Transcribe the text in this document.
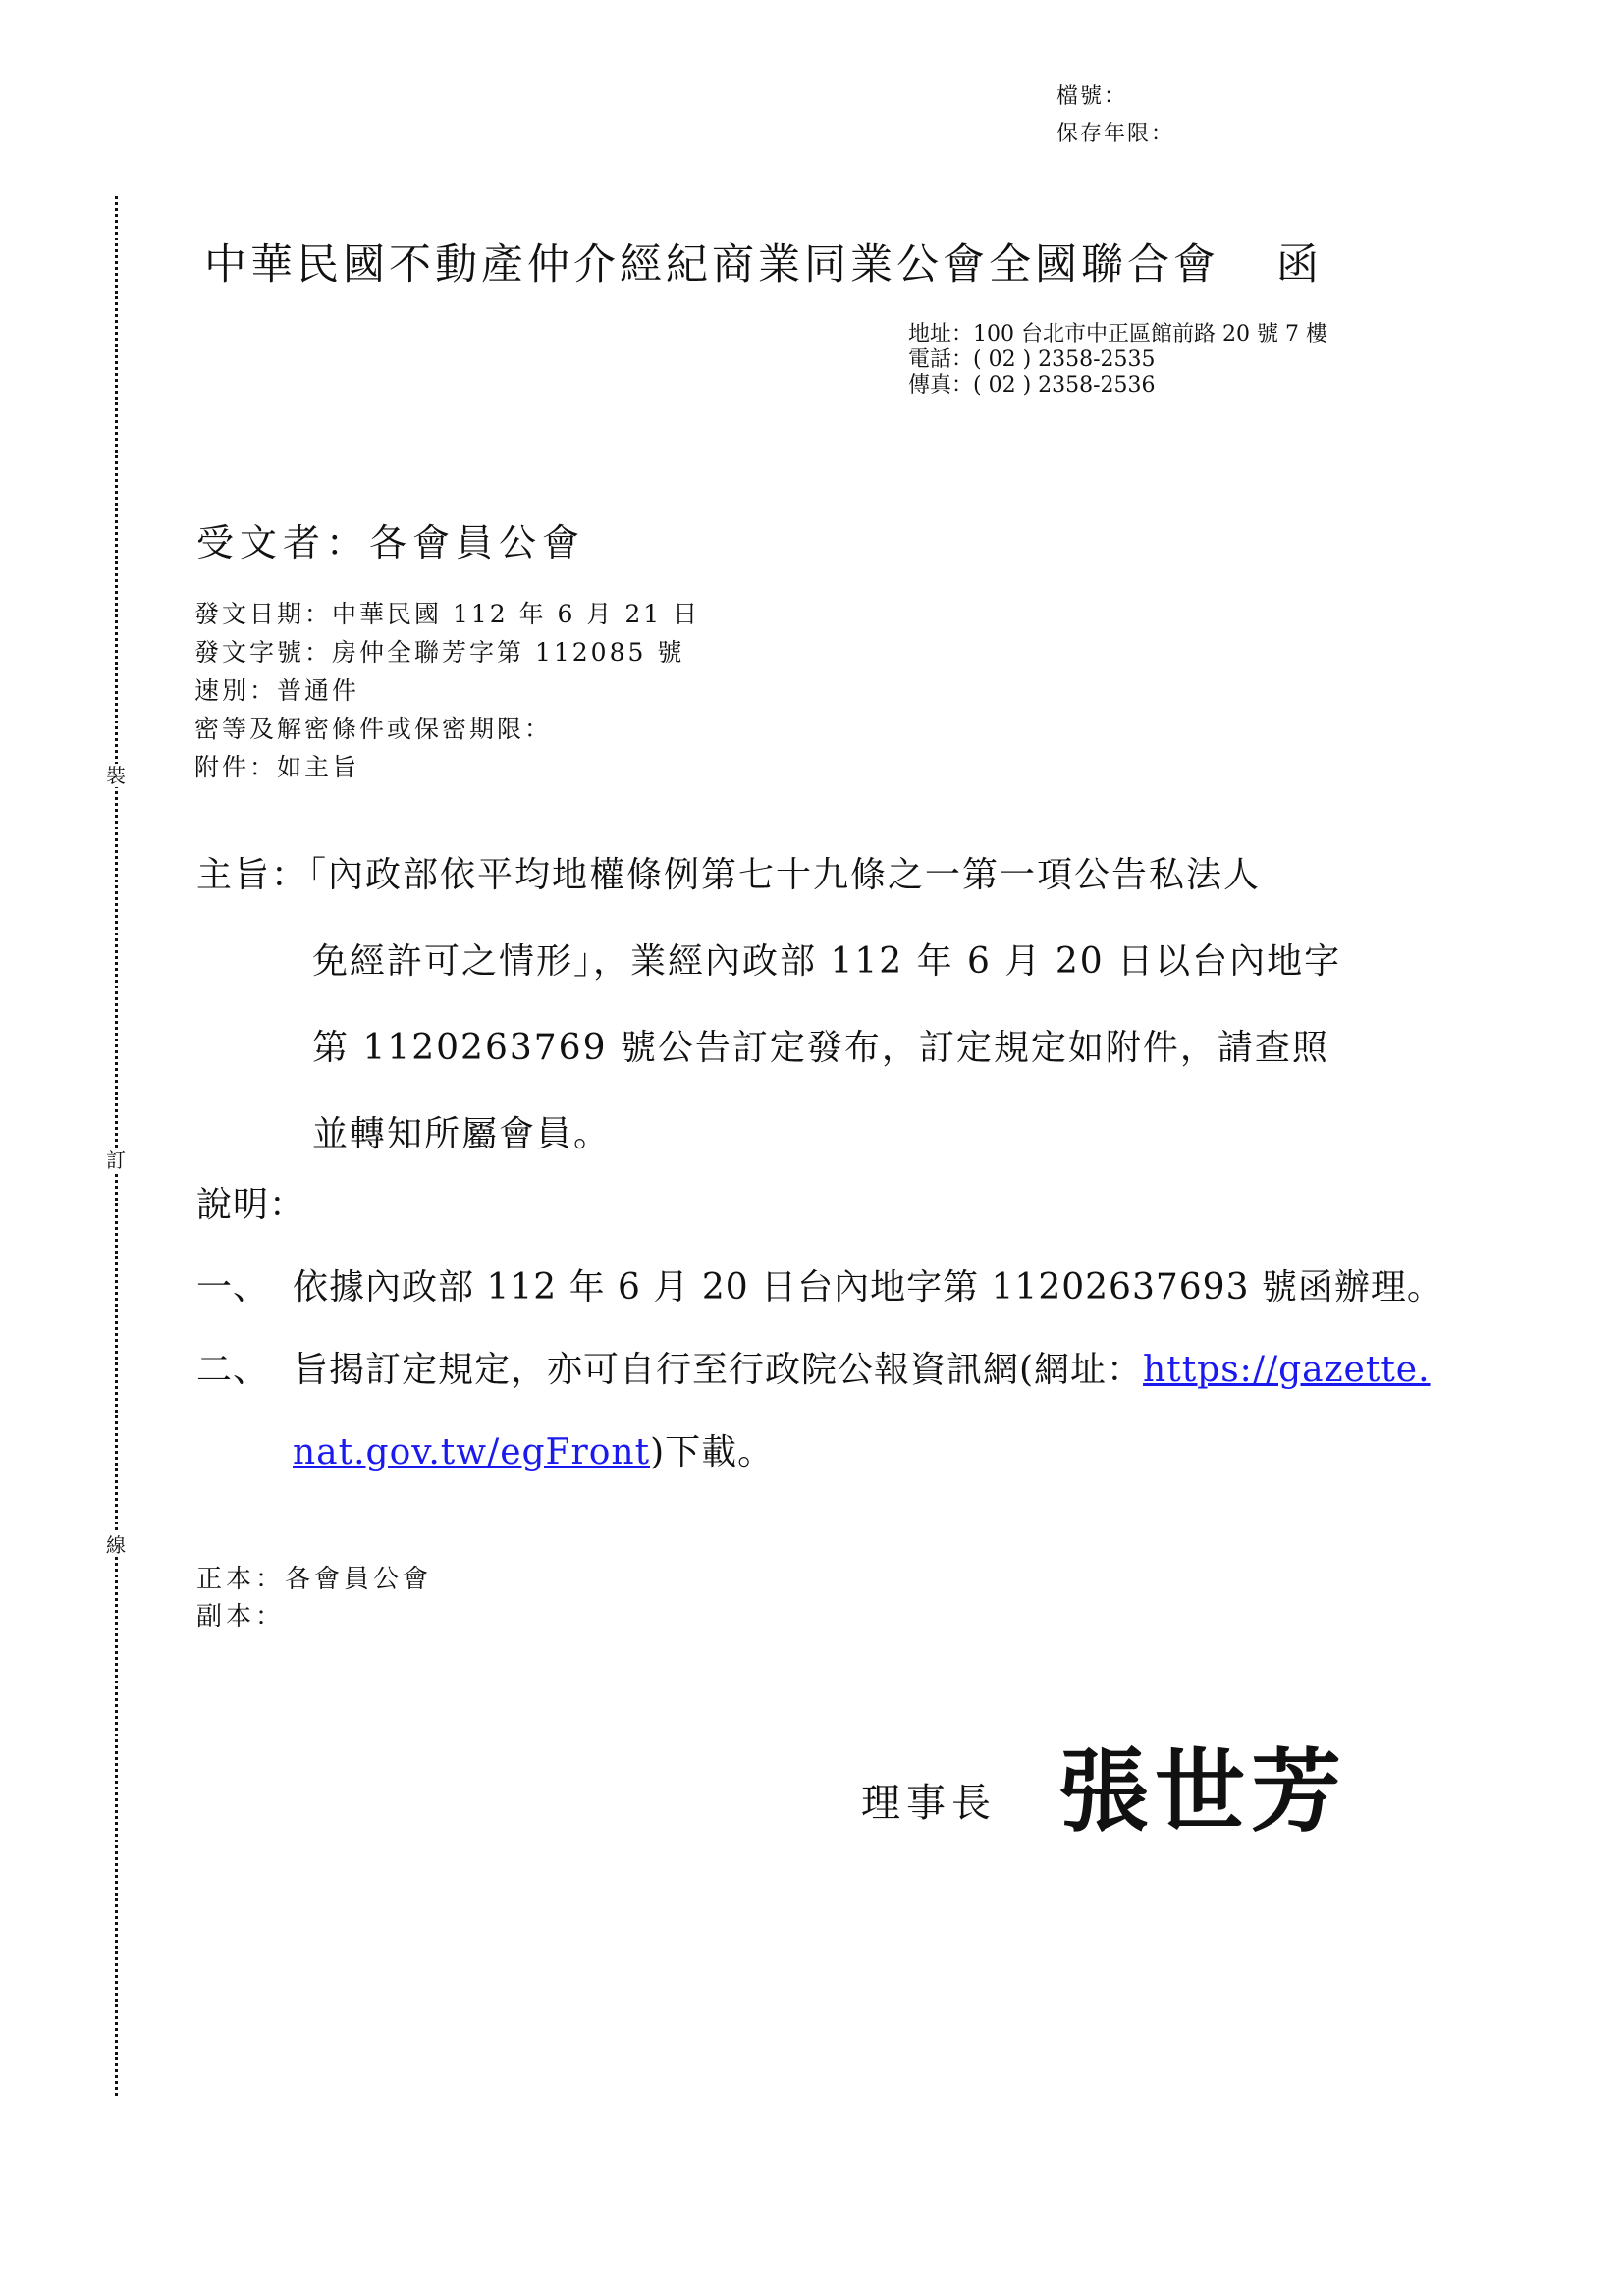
檔號：
保存年限：
裝
訂
線
中華民國不動產仲介經紀商業同業公會全國聯合會 函
地址：100 台北市中正區館前路 20 號 7 樓
電話：( 02 ) 2358-2535
傳真：( 02 ) 2358-2536
受文者：各會員公會
發文日期：中華民國 112 年 6 月 21 日
發文字號：房仲全聯芳字第 112085 號
速別：普通件
密等及解密條件或保密期限：
附件：如主旨
主旨：「內政部依平均地權條例第七十九條之一第一項公告私法人
免經許可之情形」，業經內政部 112 年 6 月 20 日以台內地字
第 1120263769 號公告訂定發布，訂定規定如附件，請查照
並轉知所屬會員。
說明：
一、 依據內政部 112 年 6 月 20 日台內地字第 11202637693 號函辦理。
二、 旨揭訂定規定，亦可自行至行政院公報資訊網(網址：https://gazette.
nat.gov.tw/egFront)下載。
正本：各會員公會
副本：
理事長 張世芳
